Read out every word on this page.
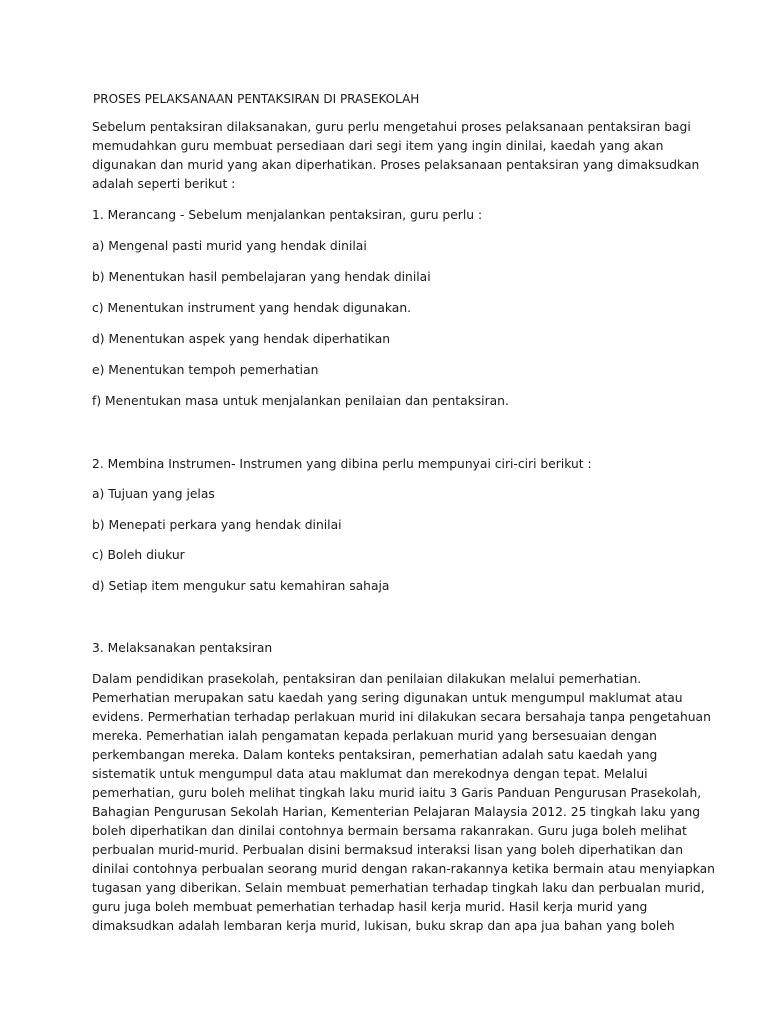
PROSES PELAKSANAAN PENTAKSIRAN DI PRASEKOLAH
Sebelum pentaksiran dilaksanakan, guru perlu mengetahui proses pelaksanaan pentaksiran bagi
memudahkan guru membuat persediaan dari segi item yang ingin dinilai, kaedah yang akan
digunakan dan murid yang akan diperhatikan. Proses pelaksanaan pentaksiran yang dimaksudkan
adalah seperti berikut :
1. Merancang - Sebelum menjalankan pentaksiran, guru perlu :
a) Mengenal pasti murid yang hendak dinilai
b) Menentukan hasil pembelajaran yang hendak dinilai
c) Menentukan instrument yang hendak digunakan.
d) Menentukan aspek yang hendak diperhatikan
e) Menentukan tempoh pemerhatian
f) Menentukan masa untuk menjalankan penilaian dan pentaksiran.
2. Membina Instrumen- Instrumen yang dibina perlu mempunyai ciri-ciri berikut :
a) Tujuan yang jelas
b) Menepati perkara yang hendak dinilai
c) Boleh diukur
d) Setiap item mengukur satu kemahiran sahaja
3. Melaksanakan pentaksiran
Dalam pendidikan prasekolah, pentaksiran dan penilaian dilakukan melalui pemerhatian.
Pemerhatian merupakan satu kaedah yang sering digunakan untuk mengumpul maklumat atau
evidens. Permerhatian terhadap perlakuan murid ini dilakukan secara bersahaja tanpa pengetahuan
mereka. Pemerhatian ialah pengamatan kepada perlakuan murid yang bersesuaian dengan
perkembangan mereka. Dalam konteks pentaksiran, pemerhatian adalah satu kaedah yang
sistematik untuk mengumpul data atau maklumat dan merekodnya dengan tepat. Melalui
pemerhatian, guru boleh melihat tingkah laku murid iaitu 3 Garis Panduan Pengurusan Prasekolah,
Bahagian Pengurusan Sekolah Harian, Kementerian Pelajaran Malaysia 2012. 25 tingkah laku yang
boleh diperhatikan dan dinilai contohnya bermain bersama rakanrakan. Guru juga boleh melihat
perbualan murid-murid. Perbualan disini bermaksud interaksi lisan yang boleh diperhatikan dan
dinilai contohnya perbualan seorang murid dengan rakan-rakannya ketika bermain atau menyiapkan
tugasan yang diberikan. Selain membuat pemerhatian terhadap tingkah laku dan perbualan murid,
guru juga boleh membuat pemerhatian terhadap hasil kerja murid. Hasil kerja murid yang
dimaksudkan adalah lembaran kerja murid, lukisan, buku skrap dan apa jua bahan yang boleh
